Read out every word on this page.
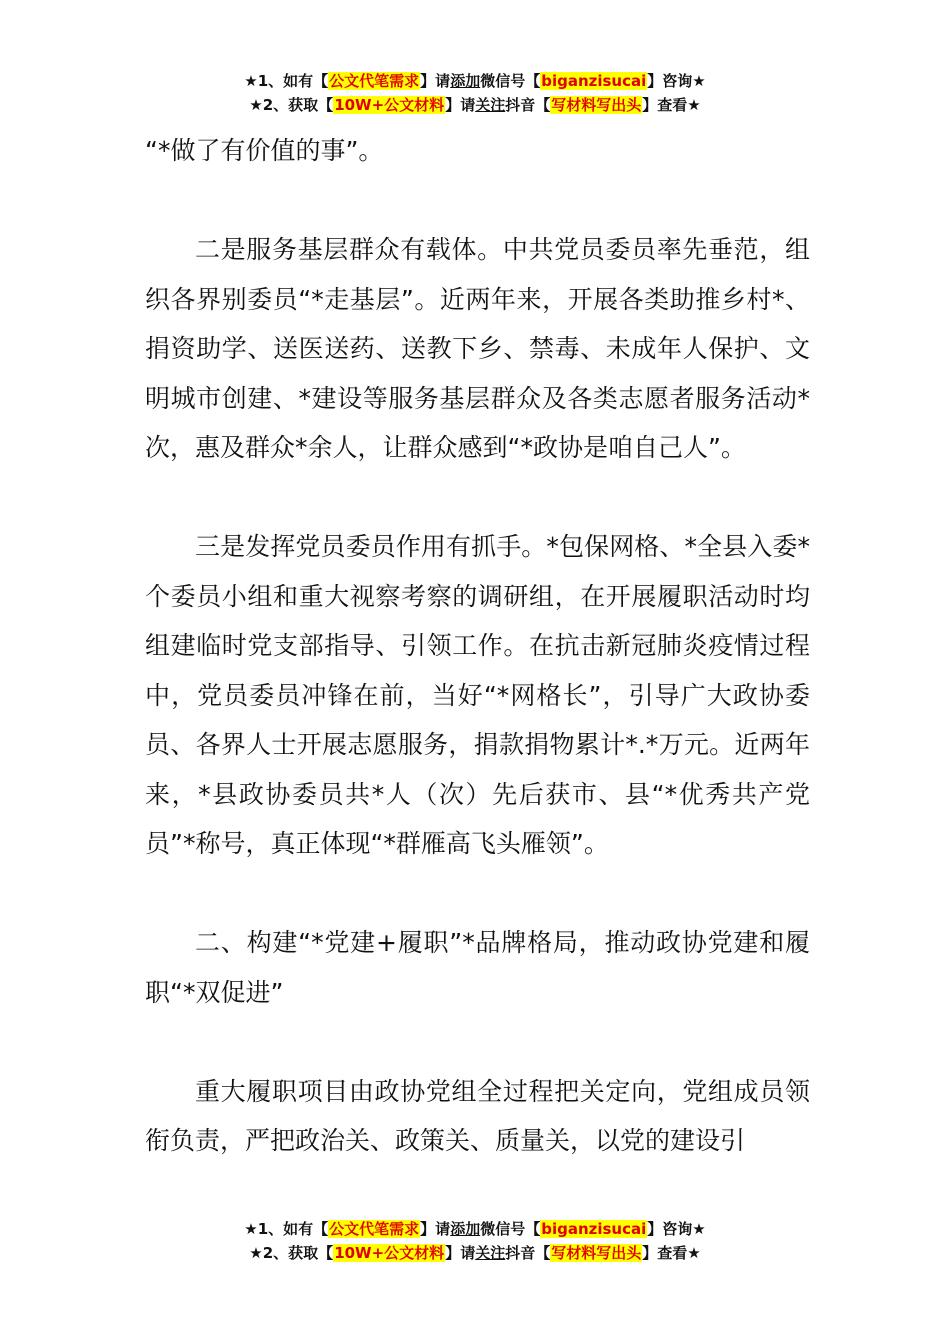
★1、如有【公文代笔需求】请添加微信号【biganzisucai】咨询★
★2、获取【10W+公文材料】请关注抖音【写材料写出头】查看★

“*做了有价值的事”。

二是服务基层群众有载体。中共党员委员率先垂范，组织各界别委员“*走基层”。近两年来，开展各类助推乡村*、捐资助学、送医送药、送教下乡、禁毒、未成年人保护、文明城市创建、*建设等服务基层群众及各类志愿者服务活动*次，惠及群众*余人，让群众感到“*政协是咱自己人”。

三是发挥党员委员作用有抓手。*包保网格、*全县入委*个委员小组和重大视察考察的调研组，在开展履职活动时均组建临时党支部指导、引领工作。在抗击新冠肺炎疫情过程中，党员委员冲锋在前，当好“*网格长”，引导广大政协委员、各界人士开展志愿服务，捐款捐物累计*.*万元。近两年来，*县政协委员共*人（次）先后获市、县“*优秀共产党员”*称号，真正体现“*群雁高飞头雁领”。

二、构建“*党建+履职”*品牌格局，推动政协党建和履职“*双促进”

重大履职项目由政协党组全过程把关定向，党组成员领衔负责，严把政治关、政策关、质量关，以党的建设引

★1、如有【公文代笔需求】请添加微信号【biganzisucai】咨询★
★2、获取【10W+公文材料】请关注抖音【写材料写出头】查看★
